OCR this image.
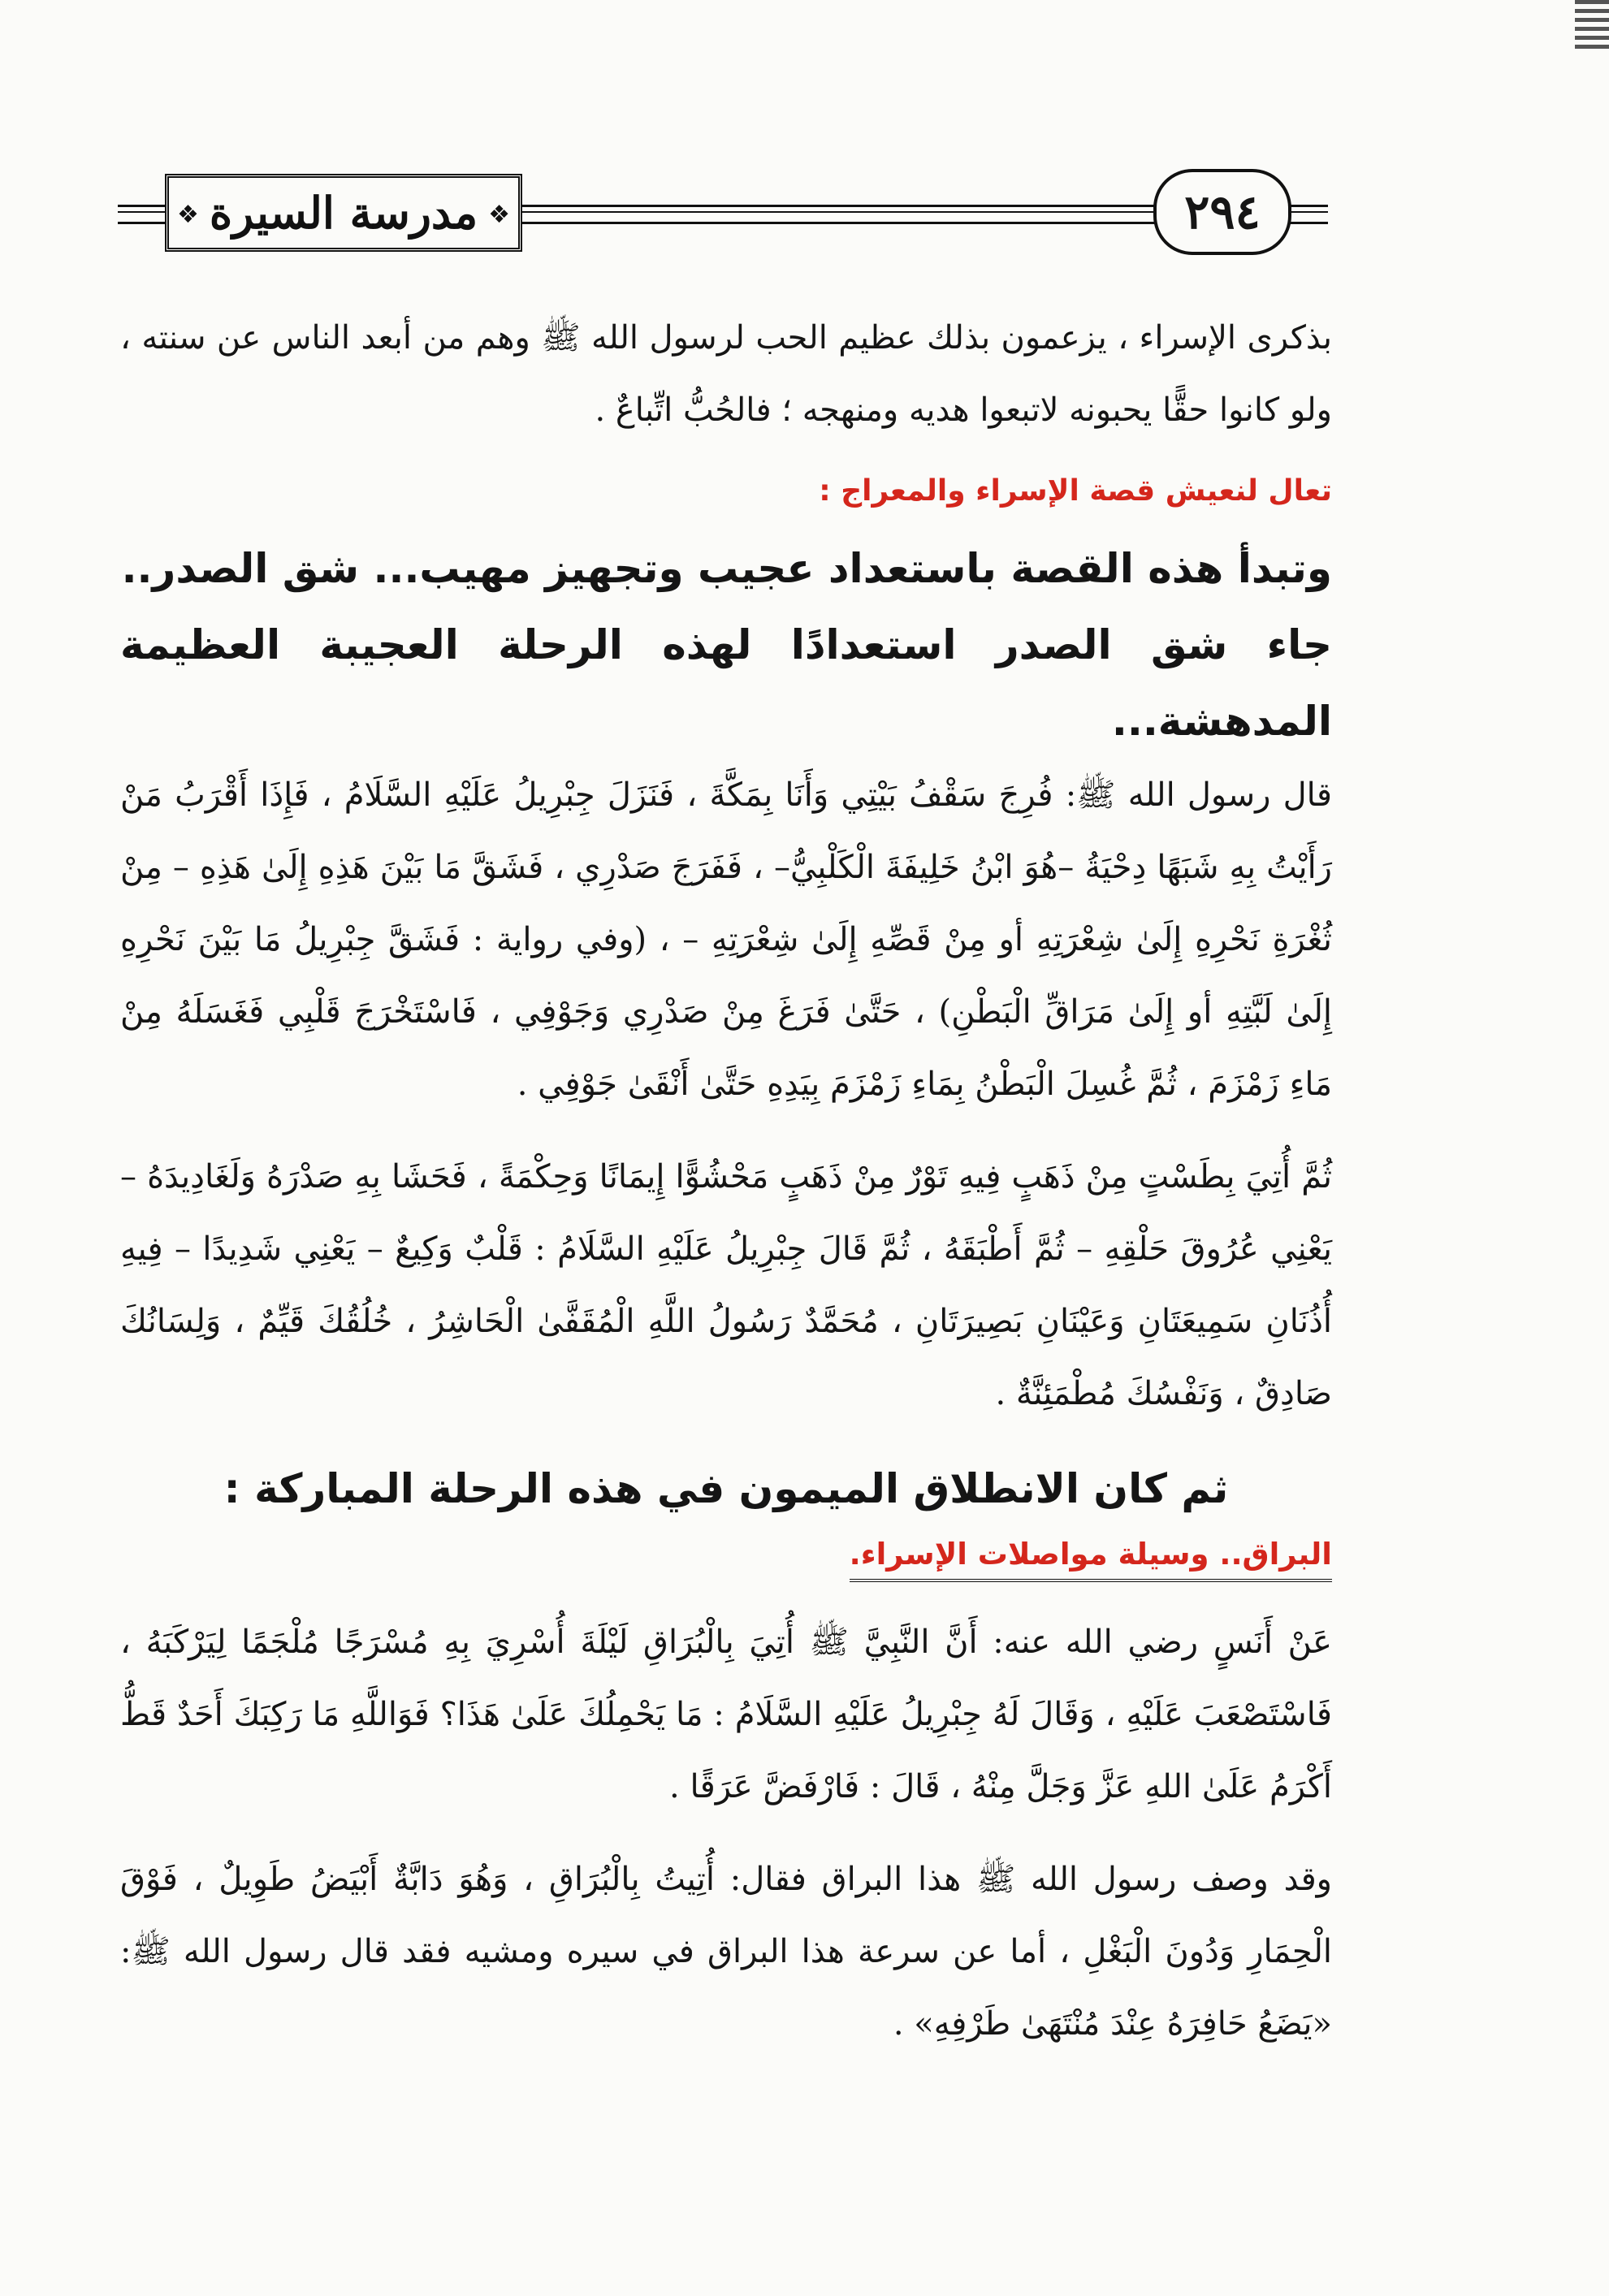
❖ مدرسة السيرة
❖	٢٩٤

بذكرى الإسراء ، يزعمون بذلك عظيم الحب لرسول الله ﷺ وهم من أبعد الناس عن سنته ، ولو كانوا حقًّا يحبونه لاتبعوا هديه ومنهجه ؛ فالحُبُّ اتِّباعٌ .

تعال لنعيش قصة الإسراء والمعراج :

وتبدأ هذه القصة باستعداد عجيب وتجهيز مهيب... شق الصدر..

جاء شق الصدر استعدادًا لهذه الرحلة العجيبة العظيمة المدهشة...

قال رسول الله ﷺ: فُرِجَ سَقْفُ بَيْتِي وَأَنَا بِمَكَّةَ ، فَنَزَلَ جِبْرِيلُ عَلَيْهِ السَّلَامُ ، فَإِذَا أَقْرَبُ مَنْ رَأَيْتُ بِهِ شَبَهًا دِحْيَةُ –هُوَ ابْنُ خَلِيفَةَ الْكَلْبِيُّ– ، فَفَرَجَ صَدْرِي ، فَشَقَّ مَا بَيْنَ هَذِهِ إِلَىٰ هَذِهِ – مِنْ ثُغْرَةِ نَحْرِهِ إِلَىٰ شِعْرَتِهِ أو مِنْ قَصِّهِ إِلَىٰ شِعْرَتِهِ – ، (وفي رواية : فَشَقَّ جِبْرِيلُ مَا بَيْنَ نَحْرِهِ إِلَىٰ لَبَّتِهِ أو إِلَىٰ مَرَاقِّ الْبَطْنِ) ، حَتَّىٰ فَرَغَ مِنْ صَدْرِي وَجَوْفِي ، فَاسْتَخْرَجَ قَلْبِي فَغَسَلَهُ مِنْ مَاءِ زَمْزَمَ ، ثُمَّ غُسِلَ الْبَطْنُ بِمَاءِ زَمْزَمَ بِيَدِهِ حَتَّىٰ أَنْقَىٰ جَوْفِي .

ثُمَّ أُتِيَ بِطَسْتٍ مِنْ ذَهَبٍ فِيهِ تَوْرٌ مِنْ ذَهَبٍ مَحْشُوًّا إِيمَانًا وَحِكْمَةً ، فَحَشَا بِهِ صَدْرَهُ وَلَغَادِيدَهُ – يَعْنِي عُرُوقَ حَلْقِهِ – ثُمَّ أَطْبَقَهُ ، ثُمَّ قَالَ جِبْرِيلُ عَلَيْهِ السَّلَامُ : قَلْبٌ وَكِيعٌ – يَعْنِي شَدِيدًا – فِيهِ أُذُنَانِ سَمِيعَتَانِ وَعَيْنَانِ بَصِيرَتَانِ ، مُحَمَّدٌ رَسُولُ اللَّهِ الْمُقَفَّىٰ الْحَاشِرُ ، خُلُقُكَ قَيِّمٌ ، وَلِسَانُكَ صَادِقٌ ، وَنَفْسُكَ مُطْمَئِنَّةٌ .

ثم كان الانطلاق الميمون في هذه الرحلة المباركة :

البراق.. وسيلة مواصلات الإسراء.

عَنْ أَنَسٍ رضي الله عنه: أَنَّ النَّبِيَّ ﷺ أُتِيَ بِالْبُرَاقِ لَيْلَةَ أُسْرِيَ بِهِ مُسْرَجًا مُلْجَمًا لِيَرْكَبَهُ ، فَاسْتَصْعَبَ عَلَيْهِ ، وَقَالَ لَهُ جِبْرِيلُ عَلَيْهِ السَّلَامُ : مَا يَحْمِلُكَ عَلَىٰ هَذَا؟ فَوَاللَّهِ مَا رَكِبَكَ أَحَدٌ قَطُّ أَكْرَمُ عَلَىٰ اللهِ عَزَّ وَجَلَّ مِنْهُ ، قَالَ : فَارْفَضَّ عَرَقًا .

وقد وصف رسول الله ﷺ هذا البراق فقال: أُتِيتُ بِالْبُرَاقِ ، وَهُوَ دَابَّةٌ أَبْيَضُ طَوِيلٌ ، فَوْقَ الْحِمَارِ وَدُونَ الْبَغْلِ ، أما عن سرعة هذا البراق في سيره ومشيه فقد قال رسول الله ﷺ: «يَضَعُ حَافِرَهُ عِنْدَ مُنْتَهَىٰ طَرْفِهِ» .
